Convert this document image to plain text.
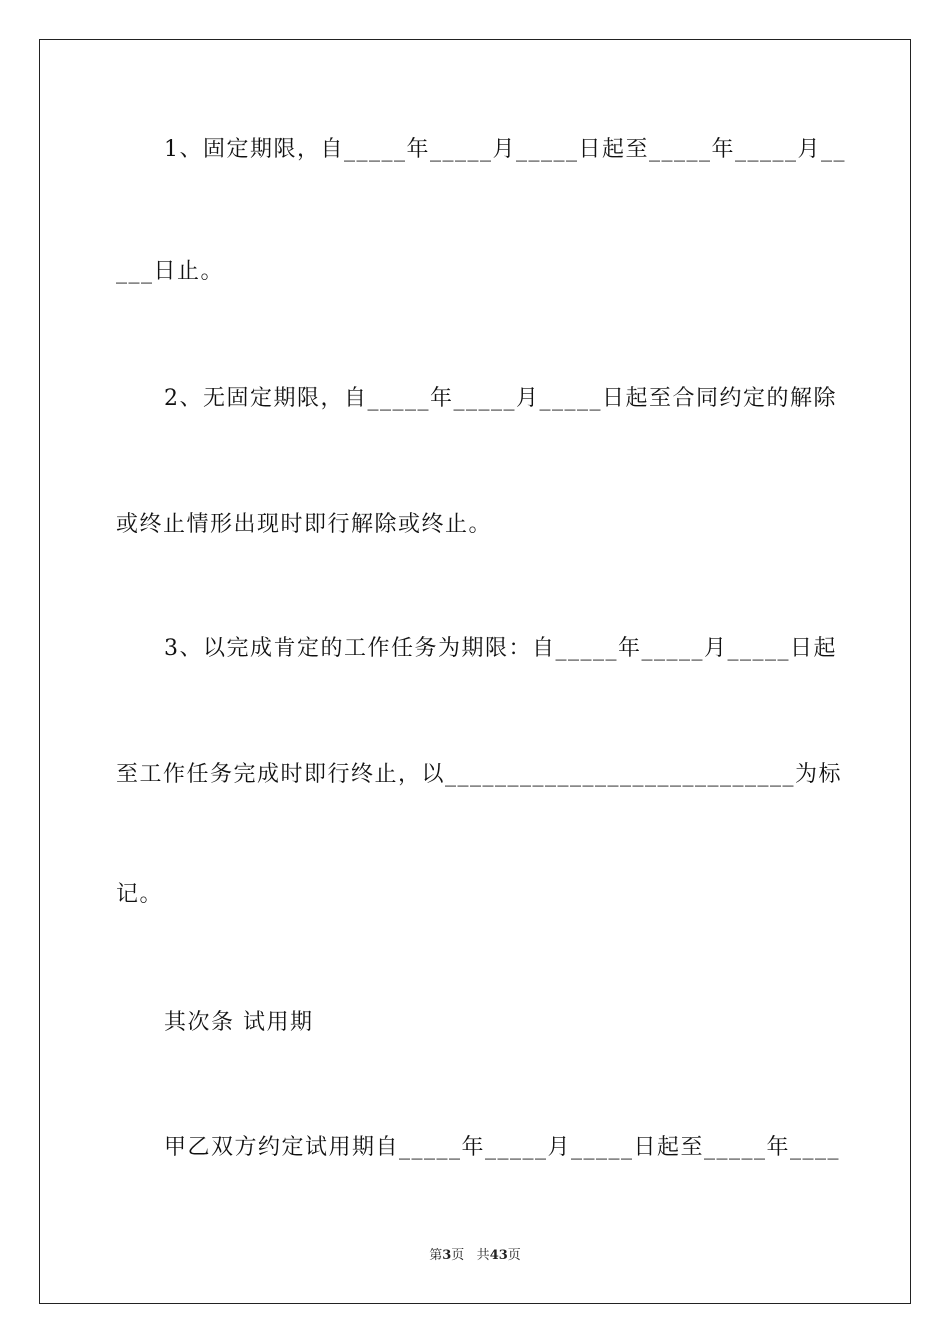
1、固定期限，自_____年_____月_____日起至_____年_____月__
___日止。
2、无固定期限，自_____年_____月_____日起至合同约定的解除
或终止情形出现时即行解除或终止。
3、以完成肯定的工作任务为期限：自_____年_____月_____日起
至工作任务完成时即行终止，以____________________________为标
记。
其次条 试用期
甲乙双方约定试用期自_____年_____月_____日起至_____年____
第3页 共43页
